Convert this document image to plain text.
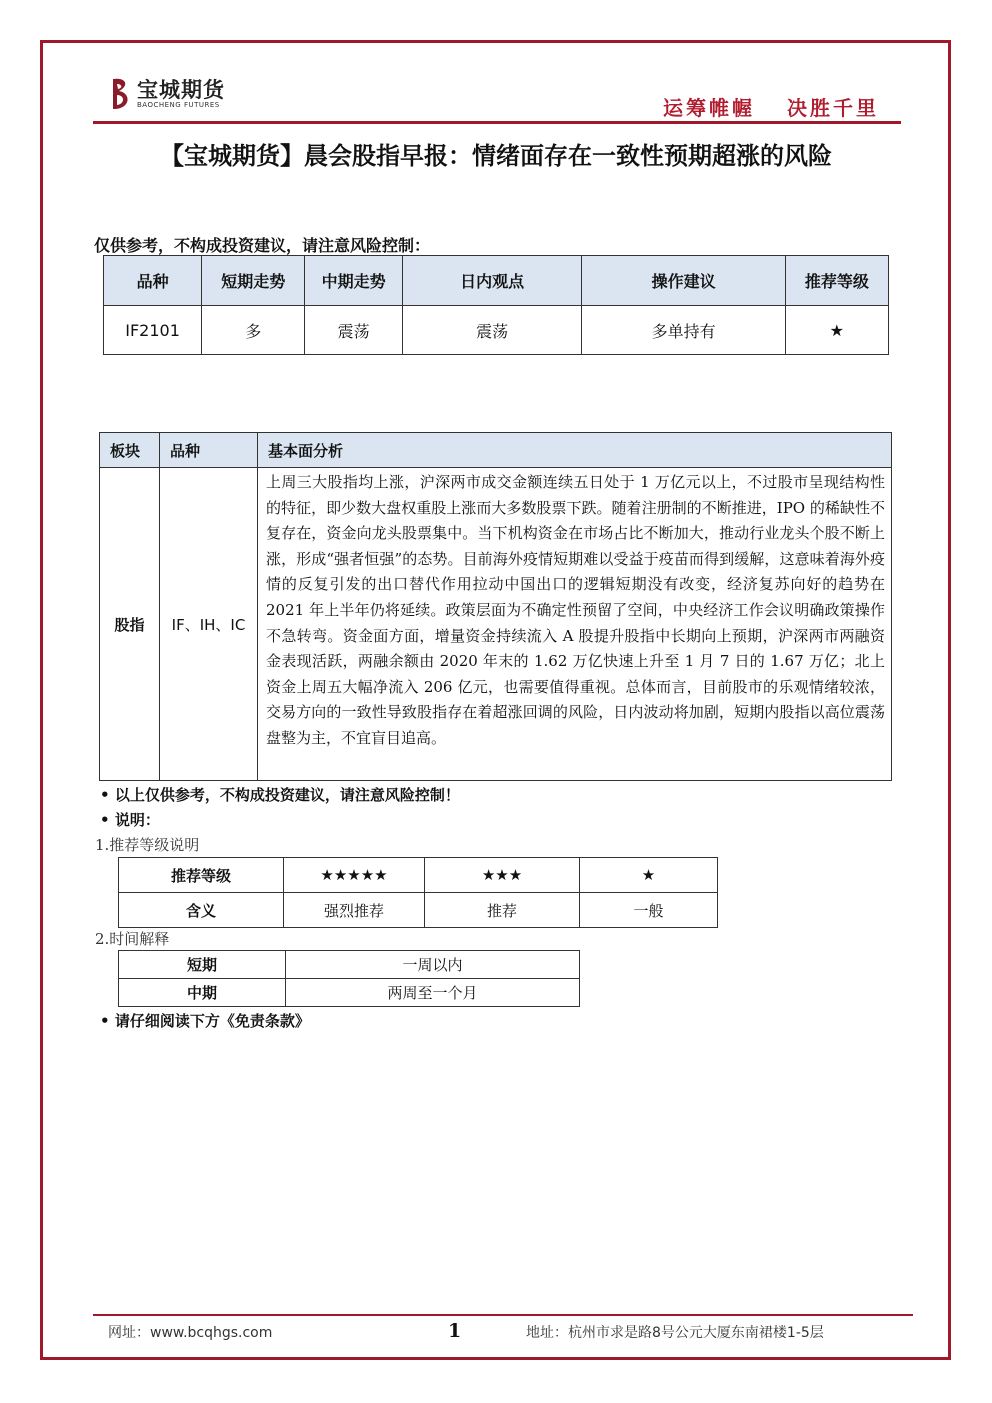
宝城期货
BAOCHENG FUTURES	运筹帷幄 决胜千里
【宝城期货】晨会股指早报：情绪面存在一致性预期超涨的风险
仅供参考，不构成投资建议，请注意风险控制：
品种	短期走势	中期走势	日内观点	操作建议	推荐等级
IF2101	多	震荡	震荡	多单持有	★
板块	品种	基本面分析
股指	IF、IH、IC	上周三大股指均上涨，沪深两市成交金额连续五日处于 1 万亿元以上，不过股市呈现结构性的特征，即少数大盘权重股上涨而大多数股票下跌。随着注册制的不断推进，IPO 的稀缺性不复存在，资金向龙头股票集中。当下机构资金在市场占比不断加大，推动行业龙头个股不断上涨，形成“强者恒强”的态势。目前海外疫情短期难以受益于疫苗而得到缓解，这意味着海外疫情的反复引发的出口替代作用拉动中国出口的逻辑短期没有改变，经济复苏向好的趋势在 2021 年上半年仍将延续。政策层面为不确定性预留了空间，中央经济工作会议明确政策操作不急转弯。资金面方面，增量资金持续流入 A 股提升股指中长期向上预期，沪深两市两融资金表现活跃，两融余额由 2020 年末的 1.62 万亿快速上升至 1 月 7 日的 1.67 万亿；北上资金上周五大幅净流入 206 亿元，也需要值得重视。总体而言，目前股市的乐观情绪较浓，交易方向的一致性导致股指存在着超涨回调的风险，日内波动将加剧，短期内股指以高位震荡盘整为主，不宜盲目追高。
• 以上仅供参考，不构成投资建议，请注意风险控制！
• 说明：
1.推荐等级说明
推荐等级	★★★★★	★★★	★
含义	强烈推荐	推荐	一般
2.时间解释
短期	一周以内
中期	两周至一个月
• 请仔细阅读下方《免责条款》
网址：www.bcqhgs.com	1	地址：杭州市求是路8号公元大厦东南裙楼1-5层
